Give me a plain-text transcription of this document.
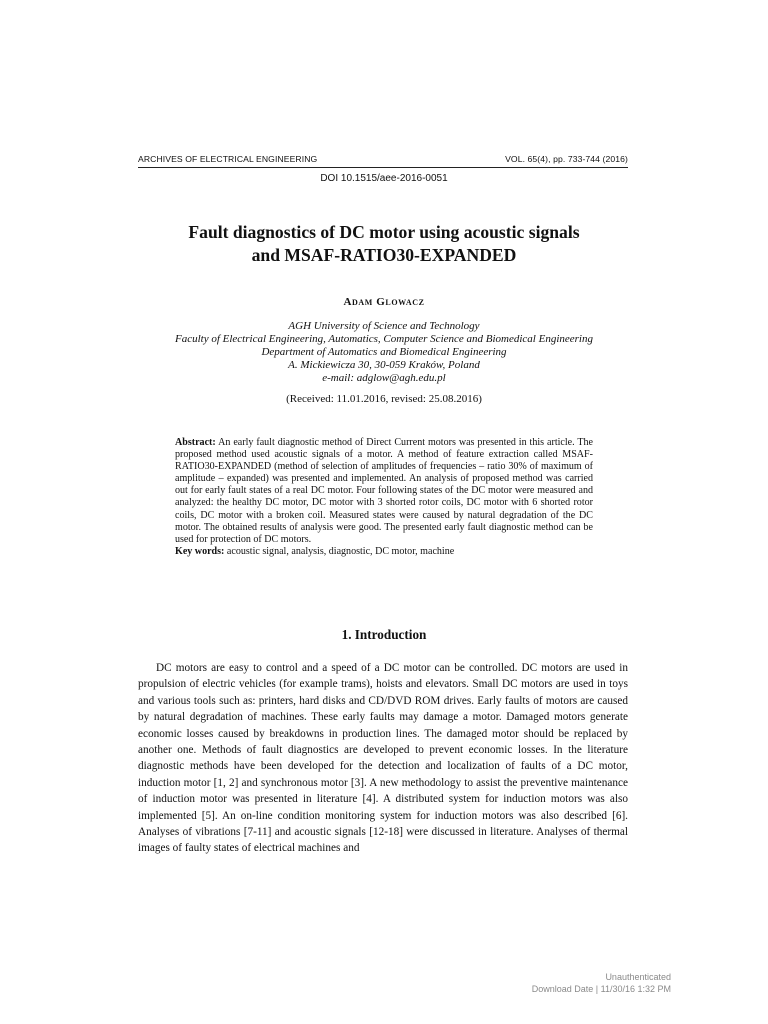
ARCHIVES OF ELECTRICAL ENGINEERING	VOL. 65(4), pp. 733-744 (2016)
DOI 10.1515/aee-2016-0051
Fault diagnostics of DC motor using acoustic signals
and MSAF-RATIO30-EXPANDED
Adam Glowacz
AGH University of Science and Technology
Faculty of Electrical Engineering, Automatics, Computer Science and Biomedical Engineering
Department of Automatics and Biomedical Engineering
A. Mickiewicza 30, 30-059 Kraków, Poland
e-mail: adglow@agh.edu.pl
(Received: 11.01.2016, revised: 25.08.2016)

Abstract: An early fault diagnostic method of Direct Current motors was presented in this article. The proposed method used acoustic signals of a motor. A method of feature extraction called MSAF-RATIO30-EXPANDED (method of selection of amplitudes of frequencies – ratio 30% of maximum of amplitude – expanded) was presented and implemented. An analysis of proposed method was carried out for early fault states of a real DC motor. Four following states of the DC motor were measured and analyzed: the healthy DC motor, DC motor with 3 shorted rotor coils, DC motor with 6 shorted rotor coils, DC motor with a broken coil. Measured states were caused by natural degradation of the DC motor. The obtained results of analysis were good. The presented early fault diagnostic method can be used for protection of DC motors.

Key words: acoustic signal, analysis, diagnostic, DC motor, machine

1. Introduction

DC motors are easy to control and a speed of a DC motor can be controlled. DC motors are used in propulsion of electric vehicles (for example trams), hoists and elevators. Small DC motors are used in toys and various tools such as: printers, hard disks and CD/DVD ROM drives. Early faults of motors are caused by natural degradation of machines. These early faults may damage a motor. Damaged motors generate economic losses caused by breakdowns in production lines. The damaged motor should be replaced by another one. Methods of fault diagnostics are developed to prevent economic losses. In the literature diagnostic methods have been developed for the detection and localization of faults of a DC motor, induction motor [1, 2] and synchronous motor [3]. A new methodology to assist the preventive maintenance of induction motor was presented in literature [4]. A distributed system for induction motors was also implemented [5]. An on-line condition monitoring system for induction motors was also described [6]. Analyses of vibrations [7-11] and acoustic signals [12-18] were discussed in literature. Analyses of thermal images of faulty states of electrical machines and

Unauthenticated
Download Date | 11/30/16 1:32 PM
